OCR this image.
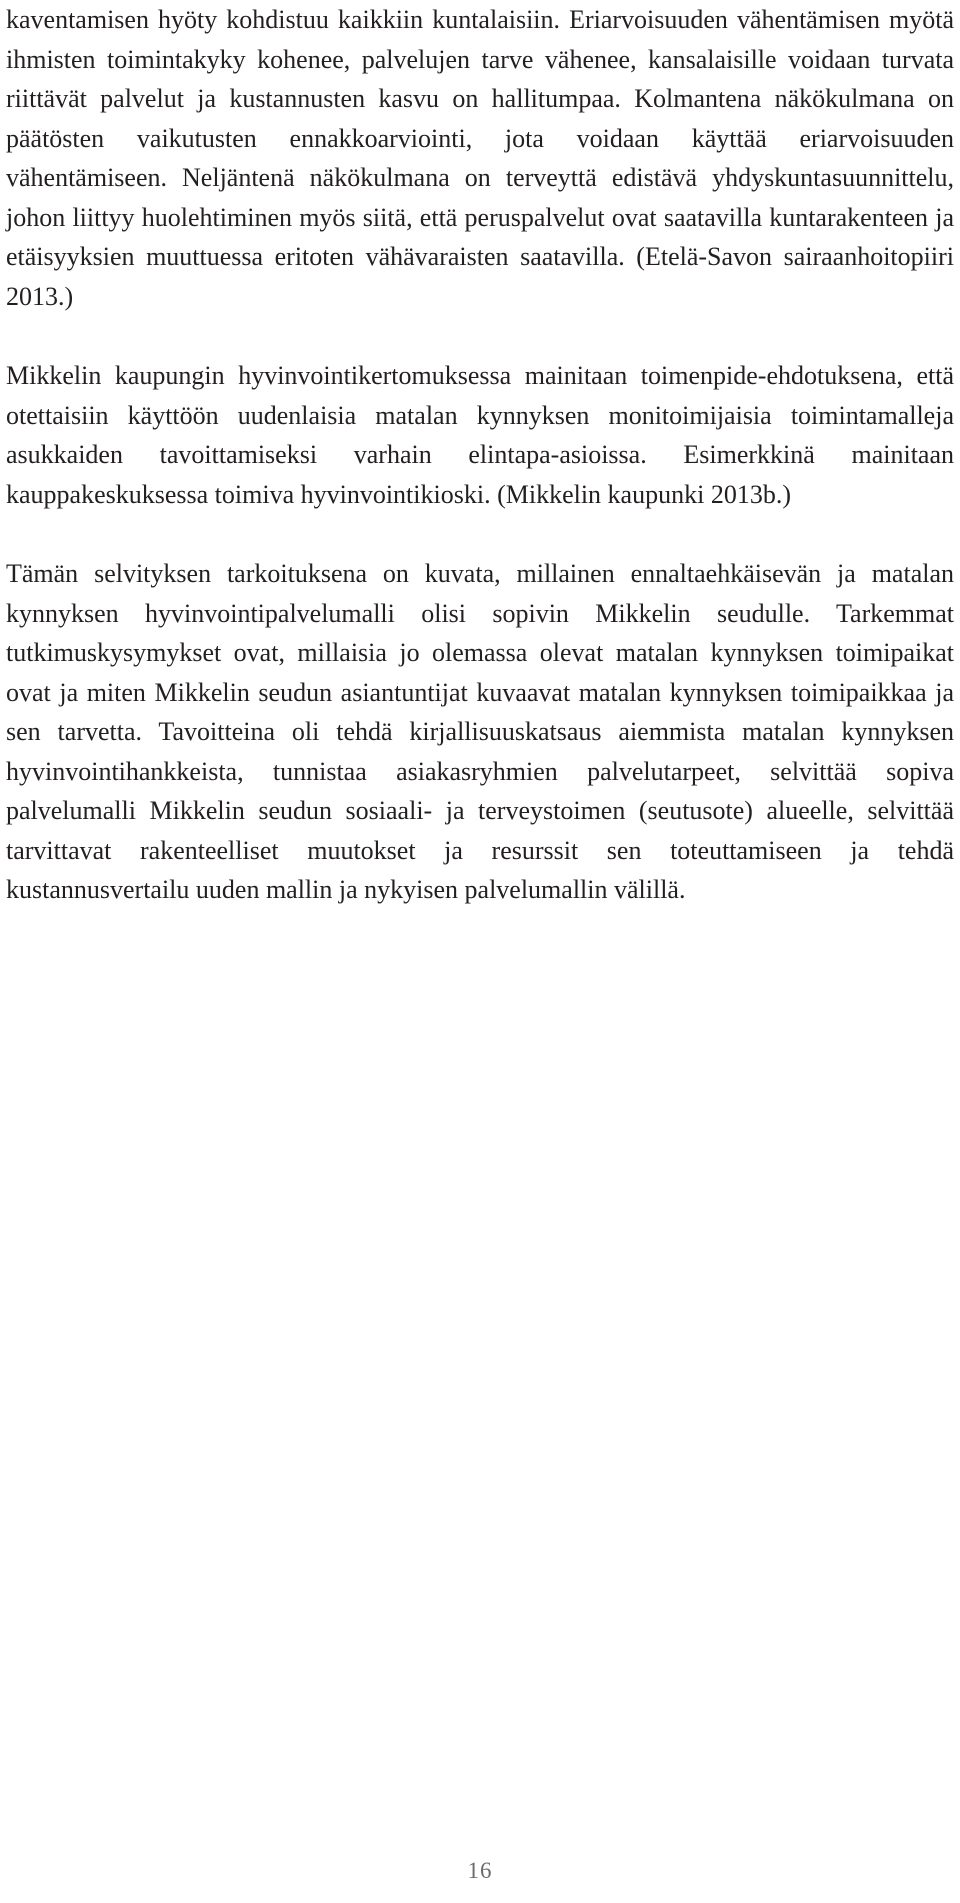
kaventamisen hyöty kohdistuu kaikkiin kuntalaisiin. Eriarvoisuuden vähentämisen myötä ihmisten toimintakyky kohenee, palvelujen tarve vähenee, kansalaisille voidaan turvata riittävät palvelut ja kustannusten kasvu on hallitumpaa. Kolmantena näkökulmana on päätösten vaikutusten ennakkoarviointi, jota voidaan käyttää eriarvoisuuden vähentämiseen. Neljäntenä näkökulmana on terveyttä edistävä yhdyskuntasuunnittelu, johon liittyy huolehtiminen myös siitä, että peruspalvelut ovat saatavilla kuntarakenteen ja etäisyyksien muuttuessa eritoten vähävaraisten saatavilla. (Etelä-Savon sairaanhoitopiiri 2013.)

Mikkelin kaupungin hyvinvointikertomuksessa mainitaan toimenpide-ehdotuksena, että otettaisiin käyttöön uudenlaisia matalan kynnyksen monitoimijaisia toimintamalleja asukkaiden tavoittamiseksi varhain elintapa-asioissa. Esimerkkinä mainitaan kauppakeskuksessa toimiva hyvinvointikioski. (Mikkelin kaupunki 2013b.)

Tämän selvityksen tarkoituksena on kuvata, millainen ennaltaehkäisevän ja matalan kynnyksen hyvinvointipalvelumalli olisi sopivin Mikkelin seudulle. Tarkemmat tutkimuskysymykset ovat, millaisia jo olemassa olevat matalan kynnyksen toimipaikat ovat ja miten Mikkelin seudun asiantuntijat kuvaavat matalan kynnyksen toimipaikkaa ja sen tarvetta. Tavoitteina oli tehdä kirjallisuuskatsaus aiemmista matalan kynnyksen hyvinvointihankkeista, tunnistaa asiakasryhmien palvelutarpeet, selvittää sopiva palvelumalli Mikkelin seudun sosiaali- ja terveystoimen (seutusote) alueelle, selvittää tarvittavat rakenteelliset muutokset ja resurssit sen toteuttamiseen ja tehdä kustannusvertailu uuden mallin ja nykyisen palvelumallin välillä.

16
